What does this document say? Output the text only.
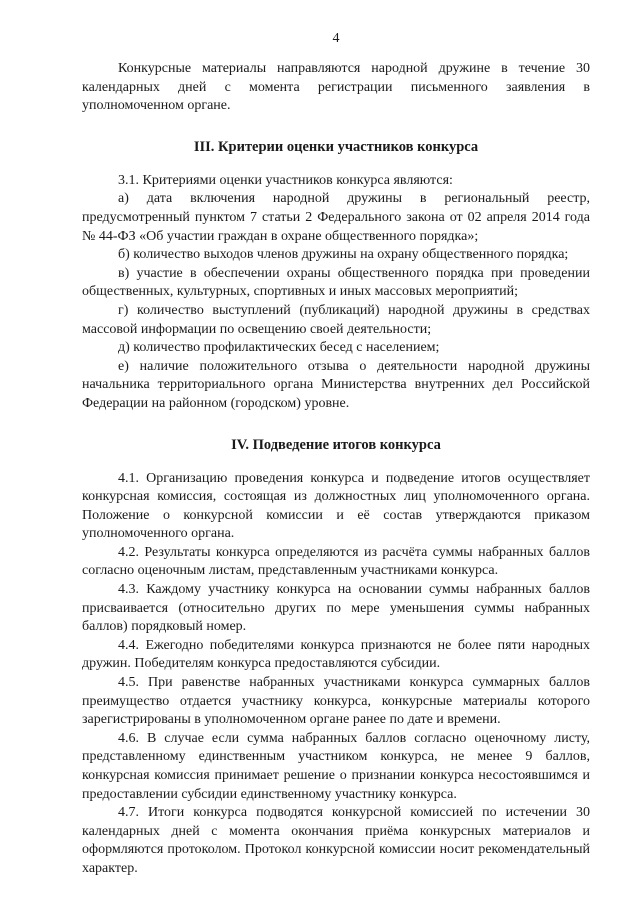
4

Конкурсные материалы направляются народной дружине в течение 30 календарных дней с момента регистрации письменного заявления в уполномоченном органе.

III. Критерии оценки участников конкурса

3.1. Критериями оценки участников конкурса являются:

а) дата включения народной дружины в региональный реестр, предусмотренный пунктом 7 статьи 2 Федерального закона от 02 апреля 2014 года № 44-ФЗ «Об участии граждан в охране общественного порядка»;

б) количество выходов членов дружины на охрану общественного порядка;

в) участие в обеспечении охраны общественного порядка при проведении общественных, культурных, спортивных и иных массовых мероприятий;

г) количество выступлений (публикаций) народной дружины в средствах массовой информации по освещению своей деятельности;

д) количество профилактических бесед с населением;

е) наличие положительного отзыва о деятельности народной дружины начальника территориального органа Министерства внутренних дел Российской Федерации на районном (городском) уровне.

IV. Подведение итогов конкурса

4.1. Организацию проведения конкурса и подведение итогов осуществляет конкурсная комиссия, состоящая из должностных лиц уполномоченного органа. Положение о конкурсной комиссии и её состав утверждаются приказом уполномоченного органа.

4.2. Результаты конкурса определяются из расчёта суммы набранных баллов согласно оценочным листам, представленным участниками конкурса.

4.3. Каждому участнику конкурса на основании суммы набранных баллов присваивается (относительно других по мере уменьшения суммы набранных баллов) порядковый номер.

4.4. Ежегодно победителями конкурса признаются не более пяти народных дружин. Победителям конкурса предоставляются субсидии.

4.5. При равенстве набранных участниками конкурса суммарных баллов преимущество отдается участнику конкурса, конкурсные материалы которого зарегистрированы в уполномоченном органе ранее по дате и времени.

4.6. В случае если сумма набранных баллов согласно оценочному листу, представленному единственным участником конкурса, не менее 9 баллов, конкурсная комиссия принимает решение о признании конкурса несостоявшимся и предоставлении субсидии единственному участнику конкурса.

4.7. Итоги конкурса подводятся конкурсной комиссией по истечении 30 календарных дней с момента окончания приёма конкурсных материалов и оформляются протоколом. Протокол конкурсной комиссии носит рекомендательный характер.
